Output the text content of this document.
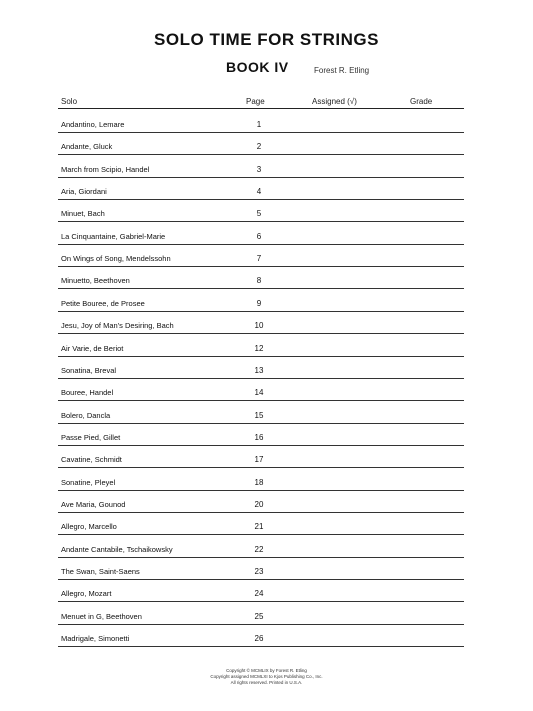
SOLO TIME FOR STRINGS
BOOK IV	Forest R. Etling
Solo	Page	Assigned (√)	Grade
Andantino, Lemare	1
Andante, Gluck	2
March from Scipio, Handel	3
Aria, Giordani	4
Minuet, Bach	5
La Cinquantaine, Gabriel-Marie	6
On Wings of Song, Mendelssohn	7
Minuetto, Beethoven	8
Petite Bouree, de Prosee	9
Jesu, Joy of Man's Desiring, Bach	10
Air Varie, de Beriot	12
Sonatina, Breval	13
Bouree, Handel	14
Bolero, Dancla	15
Passe Pied, Gillet	16
Cavatine, Schmidt	17
Sonatine, Pleyel	18
Ave Maria, Gounod	20
Allegro, Marcello	21
Andante Cantabile, Tschaikowsky	22
The Swan, Saint-Saens	23
Allegro, Mozart	24
Menuet in G, Beethoven	25
Madrigale, Simonetti	26
Copyright © MCMLIX by Forest R. Etling
Copyright assigned MCMLXI to Kjos Publishing Co., Inc.
All rights reserved. Printed in U.S.A.
